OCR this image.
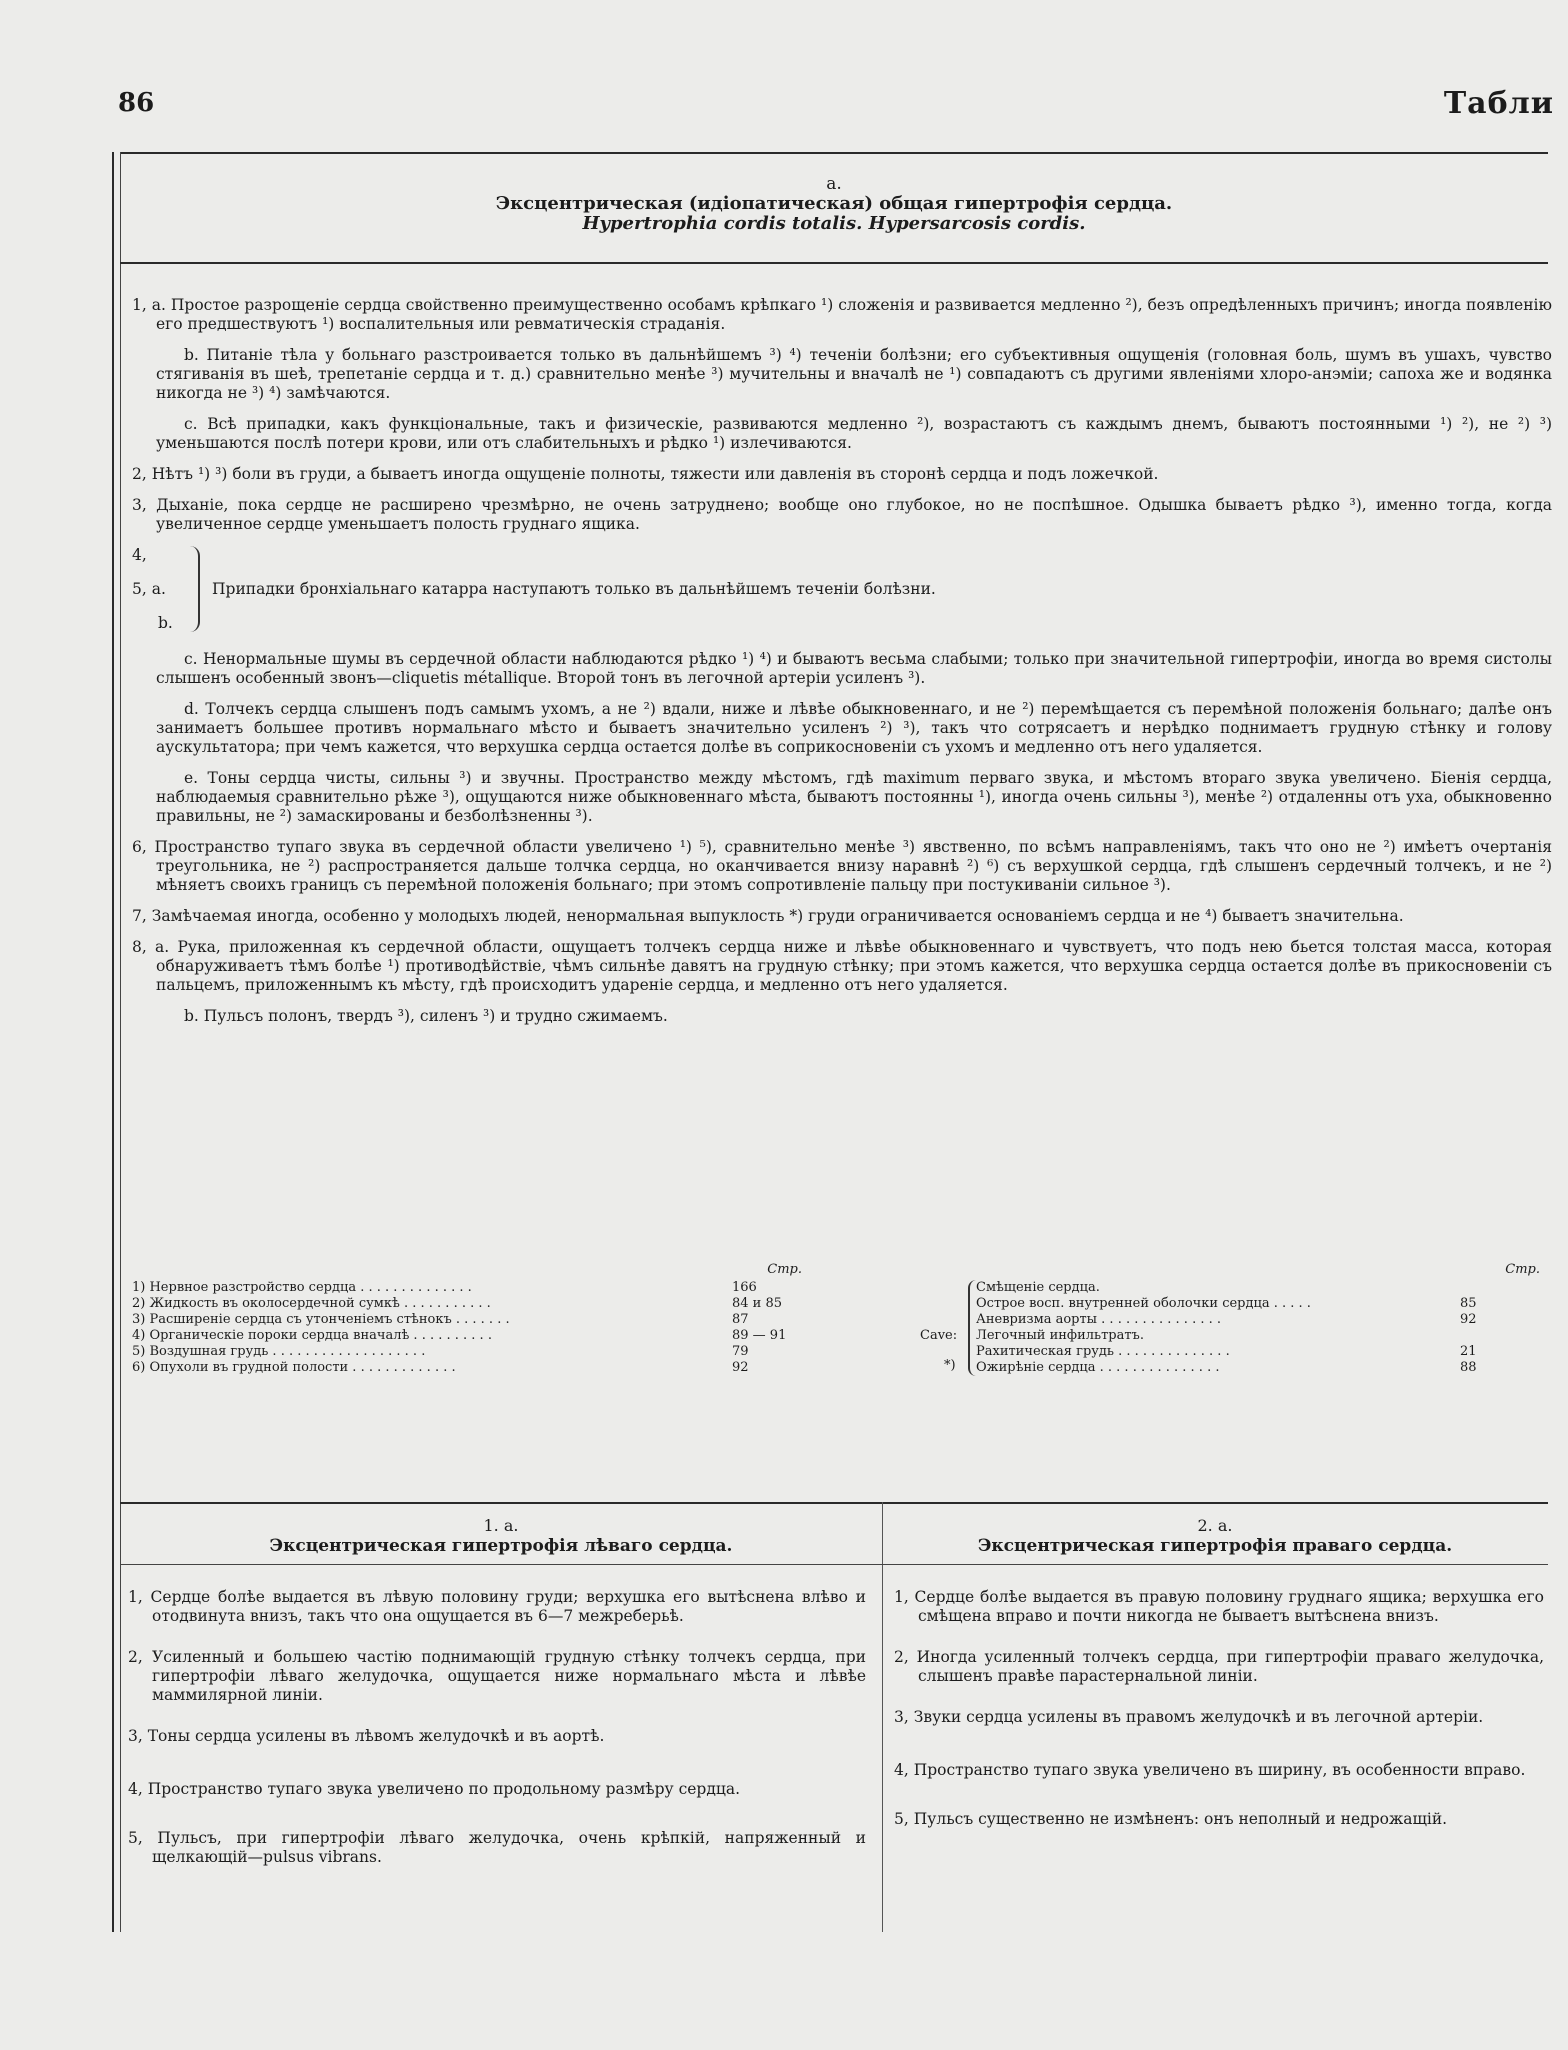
86	Табли
а.
Эксцентрическая (идiопатическая) общая гипертрофiя сердца.
Hypertrophia cordis totalis. Hypersarcosis cordis.

1, а. Простое разрощенiе сердца свойственно преимущественно особамъ крѣпкаго ¹) сложенiя и развивается медленно ²), безъ опредѣленныхъ причинъ; иногда появленiю его предшествуютъ ¹) воспалительныя или ревматическiя страданiя.

b. Питанiе тѣла у больнаго разстроивается только въ дальнѣйшемъ ³) ⁴) теченiи болѣзни; его субъективныя ощущенiя (головная боль, шумъ въ ушахъ, чувство стягиванiя въ шеѣ, трепетанiе сердца и т. д.) сравнительно менѣе ³) мучительны и вначалѣ не ¹) совпадаютъ съ другими явленiями хлоро-анэмiи; сапоха же и водянка никогда не ³) ⁴) замѣчаются.

c. Всѣ припадки, какъ функцiональные, такъ и физическiе, развиваются медленно ²), возрастаютъ съ каждымъ днемъ, бываютъ постоянными ¹) ²), не ²) ³) уменьшаются послѣ потери крови, или отъ слабительныхъ и рѣдко ¹) излечиваются.

2, Нѣтъ ¹) ³) боли въ груди, а бываетъ иногда ощущенiе полноты, тяжести или давленiя въ сторонѣ сердца и подъ ложечкой.

3, Дыханiе, пока сердце не расширено чрезмѣрно, не очень затруднено; вообще оно глубокое, но не поспѣшное. Одышка бываетъ рѣдко ³), именно тогда, когда увеличенное сердце уменьшаетъ полость груднаго ящика.

4,
5, а.
b.
Припадки бронхiальнаго катарра наступаютъ только въ дальнѣйшемъ теченiи болѣзни.

c. Ненормальные шумы въ сердечной области наблюдаются рѣдко ¹) ⁴) и бываютъ весьма слабыми; только при значительной гипертрофiи, иногда во время систолы слышенъ особенный звонъ—cliquetis métallique. Второй тонъ въ легочной артерiи усиленъ ³).

d. Толчекъ сердца слышенъ подъ самымъ ухомъ, а не ²) вдали, ниже и лѣвѣе обыкновеннаго, и не ²) перемѣщается съ перемѣной положенiя больнаго; далѣе онъ занимаетъ большее противъ нормальнаго мѣсто и бываетъ значительно усиленъ ²) ³), такъ что сотрясаетъ и нерѣдко поднимаетъ грудную стѣнку и голову аускультатора; при чемъ кажется, что верхушка сердца остается долѣе въ соприкосновенiи съ ухомъ и медленно отъ него удаляется.

e. Тоны сердца чисты, сильны ³) и звучны. Пространство между мѣстомъ, гдѣ maximum перваго звука, и мѣстомъ втораго звука увеличено. Бiенiя сердца, наблюдаемыя сравнительно рѣже ³), ощущаются ниже обыкновеннаго мѣста, бываютъ постоянны ¹), иногда очень сильны ³), менѣе ²) отдаленны отъ уха, обыкновенно правильны, не ²) замаскированы и безболѣзненны ³).

6, Пространство тупаго звука въ сердечной области увеличено ¹) ⁵), сравнительно менѣе ³) явственно, по всѣмъ направленiямъ, такъ что оно не ²) имѣетъ очертанiя треугольника, не ²) распространяется дальше толчка сердца, но оканчивается внизу наравнѣ ²) ⁶) съ верхушкой сердца, гдѣ слышенъ сердечный толчекъ, и не ²) мѣняетъ своихъ границъ съ перемѣной положенiя больнаго; при этомъ сопротивленiе пальцу при постукиванiи сильное ³).

7, Замѣчаемая иногда, особенно у молодыхъ людей, ненормальная выпуклость *) груди ограничивается основанiемъ сердца и не ⁴) бываетъ значительна.

8, а. Рука, приложенная къ сердечной области, ощущаетъ толчекъ сердца ниже и лѣвѣе обыкновеннаго и чувствуетъ, что подъ нею бьется толстая масса, которая обнаруживаетъ тѣмъ болѣе ¹) противодѣйствiе, чѣмъ сильнѣе давятъ на грудную стѣнку; при этомъ кажется, что верхушка сердца остается долѣе въ прикосновенiи съ пальцемъ, приложеннымъ къ мѣсту, гдѣ происходитъ ударенiе сердца, и медленно отъ него удаляется.

b. Пульсъ полонъ, твердъ ³), силенъ ³) и трудно сжимаемъ.

Стр.
1) Нервное разстройство сердца . . . . . . . . . . . . . .	166
2) Жидкость въ околосердечной сумкѣ . . . . . . . . . . .	84 и 85
3) Расширенiе сердца съ утонченiемъ стѣнокъ . . . . . . .	87
4) Органическiе пороки сердца вначалѣ . . . . . . . . . .	89 — 91
5) Воздушная грудь . . . . . . . . . . . . . . . . . . .	79
6) Опухоли въ грудной полости . . . . . . . . . . . . .	92
Стр.
Cave:
*)
Смѣщенiе сердца.
Острое восп. внутренней оболочки сердца . . . . .	85
Аневризма аорты . . . . . . . . . . . . . . .	92
Легочный инфильтратъ.
Рахитическая грудь . . . . . . . . . . . . . .	21
Ожирѣнiе сердца . . . . . . . . . . . . . . .	88
1. а.
Эксцентрическая гипертрофiя лѣваго сердца.
2. а.
Эксцентрическая гипертрофiя праваго сердца.

1, Сердце болѣе выдается въ лѣвую половину груди; верхушка его вытѣснена влѣво и отодвинута внизъ, такъ что она ощущается въ 6—7 межреберьѣ.

2, Усиленный и большею частiю поднимающiй грудную стѣнку толчекъ сердца, при гипертрофiи лѣваго желудочка, ощущается ниже нормальнаго мѣста и лѣвѣе маммилярной линiи.

3, Тоны сердца усилены въ лѣвомъ желудочкѣ и въ аортѣ.

4, Пространство тупаго звука увеличено по продольному размѣру сердца.

5, Пульсъ, при гипертрофiи лѣваго желудочка, очень крѣпкiй, напряженный и щелкающiй—pulsus vibrans.

1, Сердце болѣе выдается въ правую половину груднаго ящика; верхушка его смѣщена вправо и почти никогда не бываетъ вытѣснена внизъ.

2, Иногда усиленный толчекъ сердца, при гипертрофiи праваго желудочка, слышенъ правѣе парастернальной линiи.

3, Звуки сердца усилены въ правомъ желудочкѣ и въ легочной артерiи.

4, Пространство тупаго звука увеличено въ ширину, въ особенности вправо.

5, Пульсъ существенно не измѣненъ: онъ неполный и недрожащiй.
